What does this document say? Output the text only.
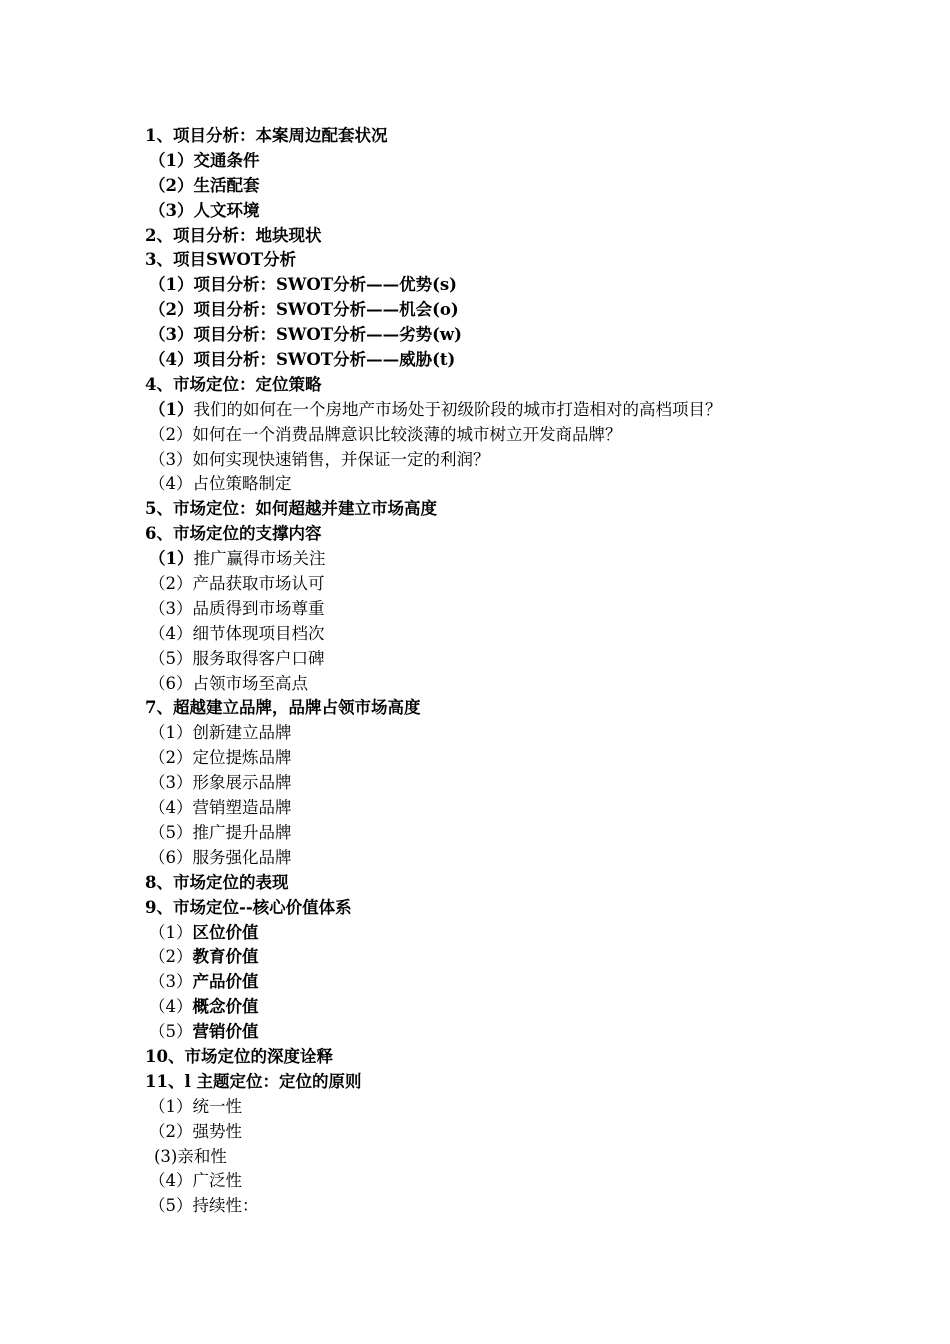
1、项目分析：本案周边配套状况
（1）交通条件
（2）生活配套
（3）人文环境
2、项目分析：地块现状
3、项目SWOT分析
（1）项目分析：SWOT分析——优势(s)
（2）项目分析：SWOT分析——机会(o)
（3）项目分析：SWOT分析——劣势(w)
（4）项目分析：SWOT分析——威胁(t)
4、市场定位：定位策略
（1）我们的如何在一个房地产市场处于初级阶段的城市打造相对的高档项目？
（2）如何在一个消费品牌意识比较淡薄的城市树立开发商品牌？
（3）如何实现快速销售，并保证一定的利润？
（4）占位策略制定
5、市场定位：如何超越并建立市场高度
6、市场定位的支撑内容
（1）推广赢得市场关注
（2）产品获取市场认可
（3）品质得到市场尊重
（4）细节体现项目档次
（5）服务取得客户口碑
（6）占领市场至高点
7、超越建立品牌，品牌占领市场高度
（1）创新建立品牌
（2）定位提炼品牌
（3）形象展示品牌
（4）营销塑造品牌
（5）推广提升品牌
（6）服务强化品牌
8、市场定位的表现
9、市场定位--核心价值体系
（1）区位价值
（2）教育价值
（3）产品价值
（4）概念价值
（5）营销价值
10、市场定位的深度诠释
11、l 主题定位：定位的原则
（1）统一性
（2）强势性
(3)亲和性
（4）广泛性
（5）持续性：
